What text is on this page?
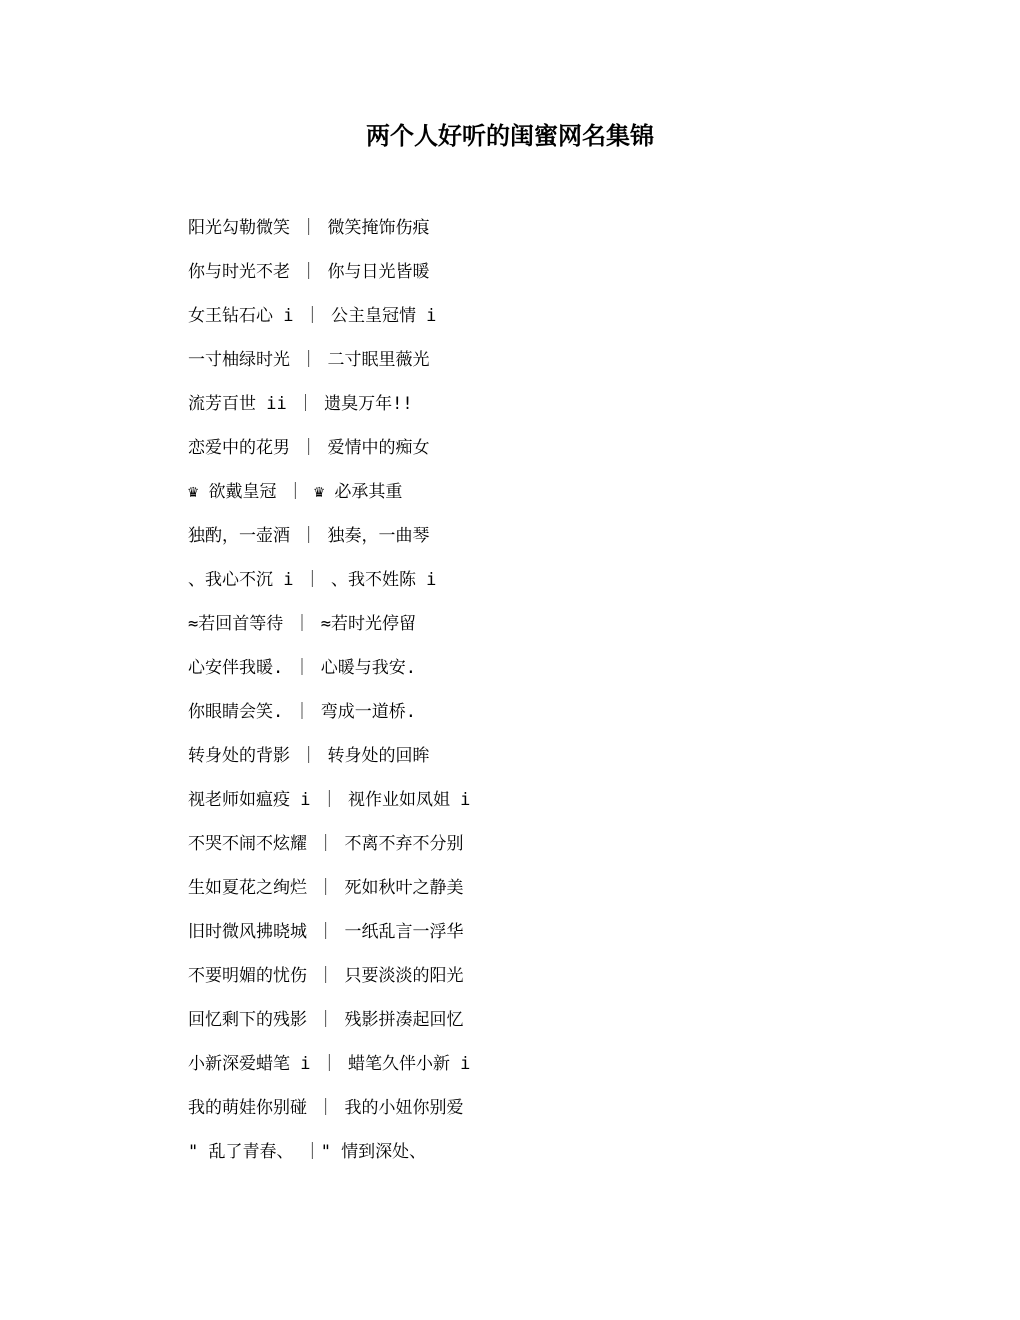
两个人好听的闺蜜网名集锦
阳光勾勒微笑 ｜ 微笑掩饰伤痕
你与时光不老 ｜ 你与日光皆暖
女王钻石心 i ｜ 公主皇冠情 i
一寸柚绿时光 ｜ 二寸眠里薇光
流芳百世 ii ｜ 遗臭万年!!
恋爱中的花男 ｜ 爱情中的痴女
♛ 欲戴皇冠 ｜ ♛ 必承其重
独酌，一壶酒 ｜ 独奏，一曲琴
、我心不沉 i ｜ 、我不姓陈 i
≈若回首等待 ｜ ≈若时光停留
心安伴我暖. ｜ 心暖与我安.
你眼睛会笑. ｜ 弯成一道桥.
转身处的背影 ｜ 转身处的回眸
视老师如瘟疫 i ｜ 视作业如凤姐 i
不哭不闹不炫耀 ｜ 不离不弃不分别
生如夏花之绚烂 ｜ 死如秋叶之静美
旧时微风拂晓城 ｜ 一纸乱言一浮华
不要明媚的忧伤 ｜ 只要淡淡的阳光
回忆剩下的残影 ｜ 残影拼凑起回忆
小新深爱蜡笔 i ｜ 蜡笔久伴小新 i
我的萌娃你别碰 ｜ 我的小妞你别爱
" 乱了青春、 ｜" 情到深处、
